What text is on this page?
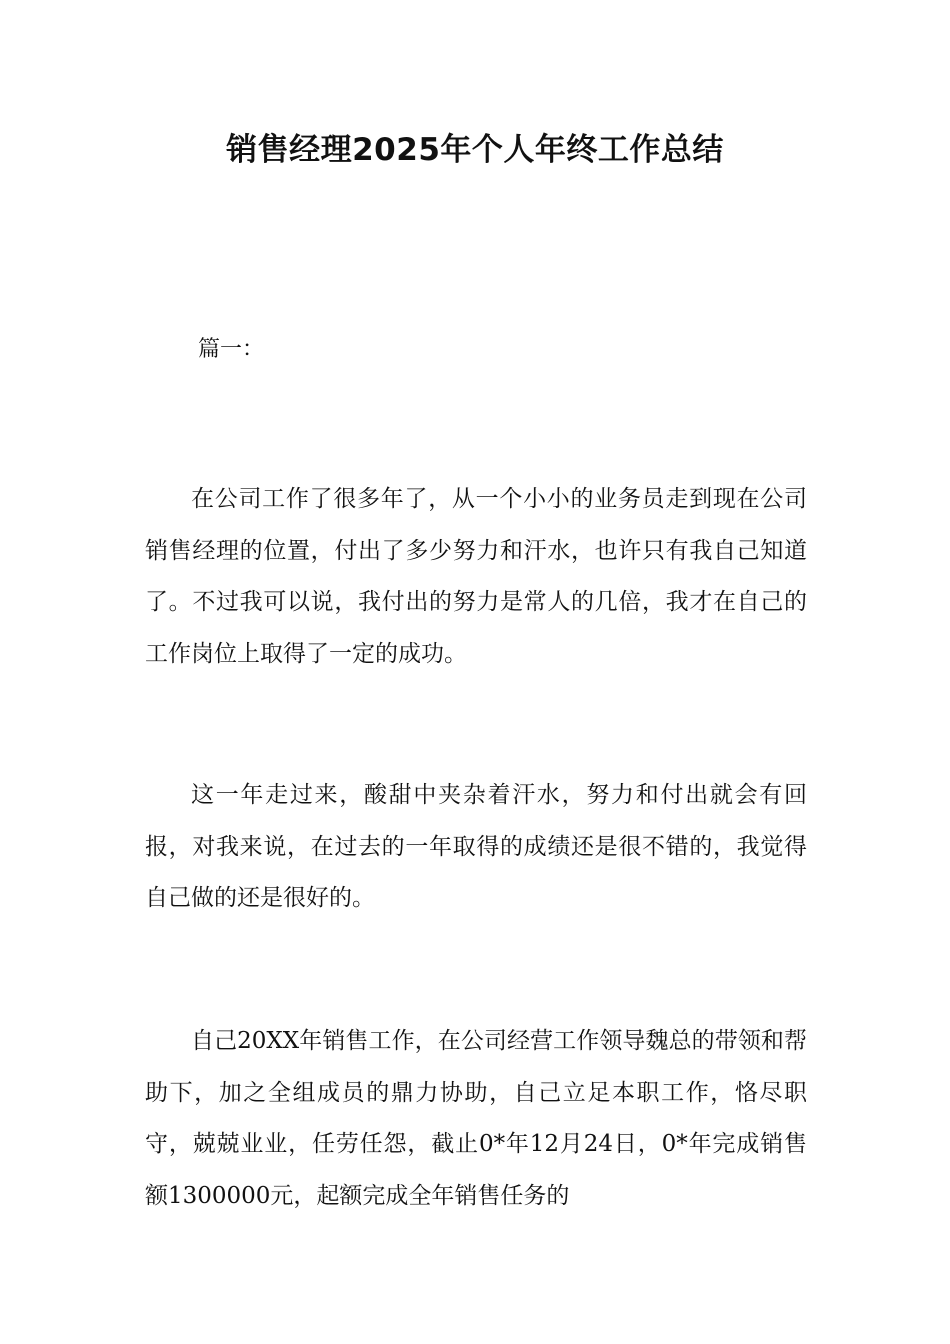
销售经理2025年个人年终工作总结

篇一：

在公司工作了很多年了，从一个小小的业务员走到现在公司销售经理的位置，付出了多少努力和汗水，也许只有我自己知道了。不过我可以说，我付出的努力是常人的几倍，我才在自己的工作岗位上取得了一定的成功。

这一年走过来，酸甜中夹杂着汗水，努力和付出就会有回报，对我来说，在过去的一年取得的成绩还是很不错的，我觉得自己做的还是很好的。

自己20XX年销售工作，在公司经营工作领导魏总的带领和帮助下，加之全组成员的鼎力协助，自己立足本职工作，恪尽职守，兢兢业业，任劳任怨，截止0*年12月24日，0*年完成销售额1300000元，起额完成全年销售任务的
